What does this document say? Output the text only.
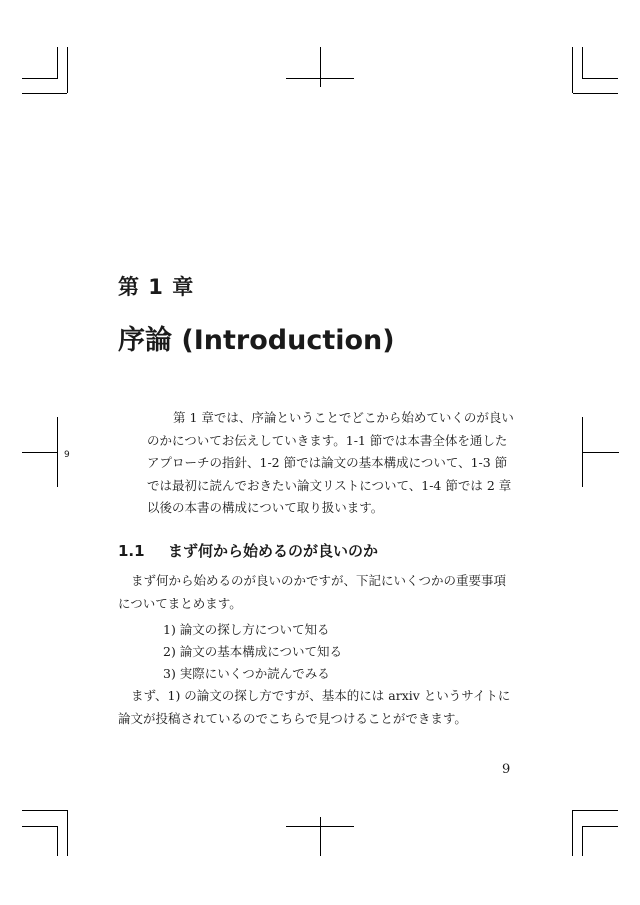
9
第 1 章
序論 (Introduction)

第 1 章では、序論ということでどこから始めていくのが良いのかについてお伝えしていきます。1-1 節では本書全体を通したアプローチの指針、1-2 節では論文の基本構成について、1-3 節では最初に読んでおきたい論文リストについて、1-4 節では 2 章以後の本書の構成について取り扱います。

1.1 まず何から始めるのが良いのか

まず何から始めるのが良いのかですが、下記にいくつかの重要事項についてまとめます。

1) 論文の探し方について知る
2) 論文の基本構成について知る
3) 実際にいくつか読んでみる

まず、1) の論文の探し方ですが、基本的には arxiv というサイトに論文が投稿されているのでこちらで見つけることができます。

9
